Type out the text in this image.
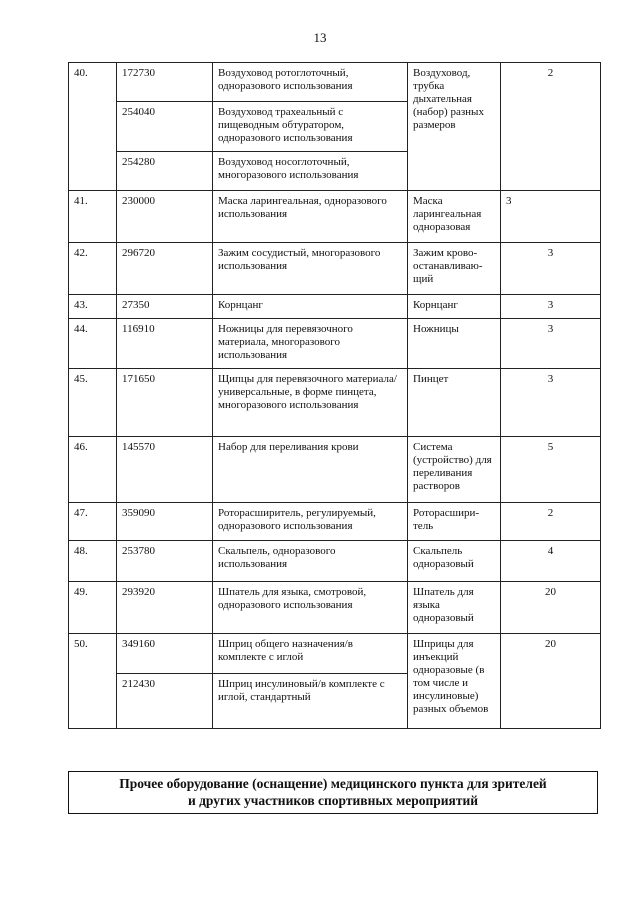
13
40.	172730	Воздуховод ротоглоточный, одноразового использования	Воздуховод, трубка дыхательная (набор) разных размеров	2
	254040	Воздуховод трахеальный с пищеводным обтуратором, одноразового использования		
	254280	Воздуховод носоглоточный, многоразового использования		
41.	230000	Маска ларингеальная, одноразового использования	Маска ларингеальная одноразовая	3
42.	296720	Зажим сосудистый, многоразового использования	Зажим крово-останавливаю-щий	3
43.	27350	Корнцанг	Корнцанг	3
44.	116910	Ножницы для перевязочного материала, многоразового использования	Ножницы	3
45.	171650	Щипцы для перевязочного материала/универсальные, в форме пинцета, многоразового использования	Пинцет	3
46.	145570	Набор для переливания крови	Система (устройство) для переливания растворов	5
47.	359090	Роторасширитель, регулируемый, одноразового использования	Роторасшири-тель	2
48.	253780	Скальпель, одноразового использования	Скальпель одноразовый	4
49.	293920	Шпатель для языка, смотровой, одноразового использования	Шпатель для языка одноразовый	20
50.	349160	Шприц общего назначения/в комплекте с иглой	Шприцы для инъекций одноразовые (в том числе и инсулиновые) разных объемов	20
	212430	Шприц инсулиновый/в комплекте с иглой, стандартный		
Прочее оборудование (оснащение) медицинского пункта для зрителей
и других участников спортивных мероприятий
